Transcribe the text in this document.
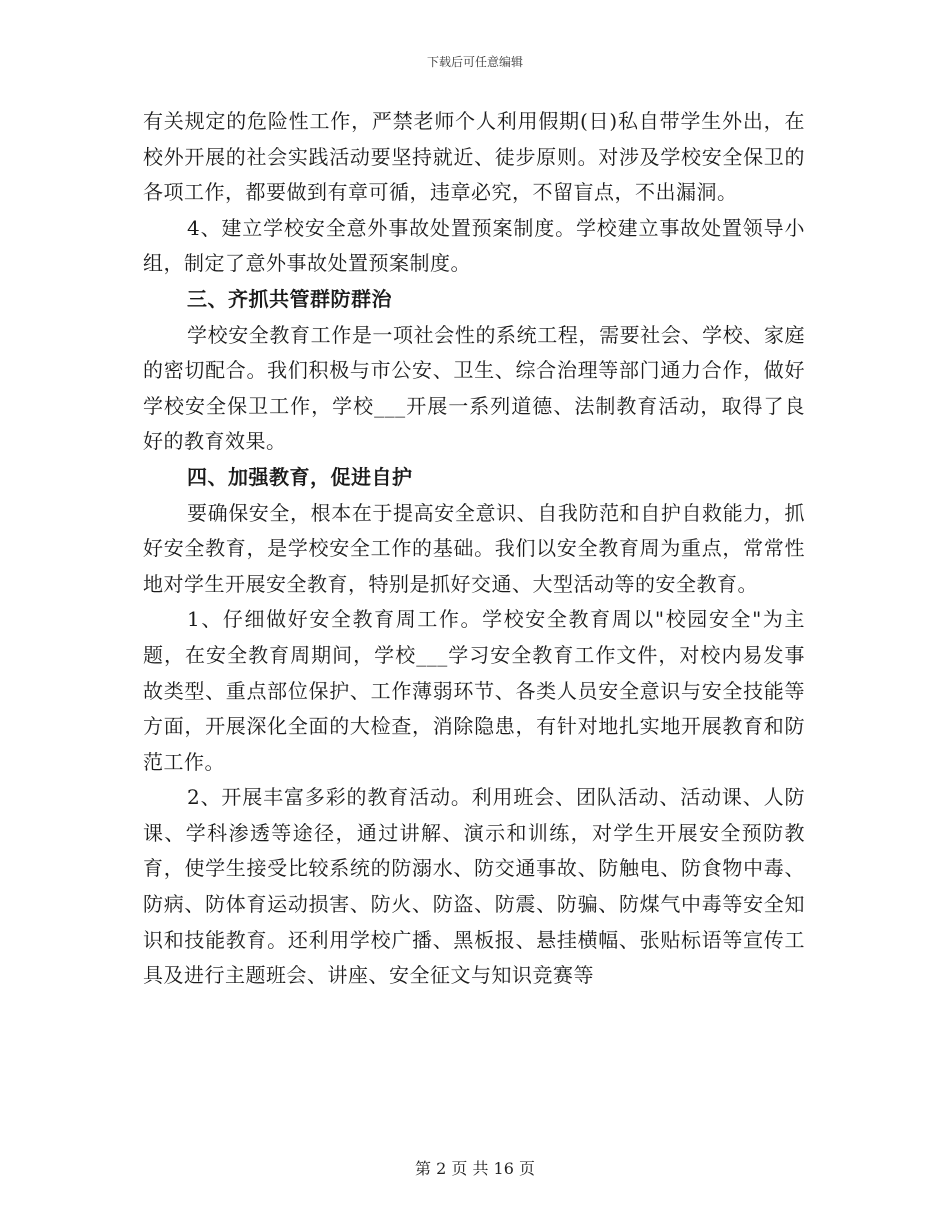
下载后可任意编辑

有关规定的危险性工作，严禁老师个人利用假期(日)私自带学生外出，在校外开展的社会实践活动要坚持就近、徒步原则。对涉及学校安全保卫的各项工作，都要做到有章可循，违章必究，不留盲点，不出漏洞。

4、建立学校安全意外事故处置预案制度。学校建立事故处置领导小组，制定了意外事故处置预案制度。

三、齐抓共管群防群治

学校安全教育工作是一项社会性的系统工程，需要社会、学校、家庭的密切配合。我们积极与市公安、卫生、综合治理等部门通力合作，做好学校安全保卫工作，学校___开展一系列道德、法制教育活动，取得了良好的教育效果。

四、加强教育，促进自护

要确保安全，根本在于提高安全意识、自我防范和自护自救能力，抓好安全教育，是学校安全工作的基础。我们以安全教育周为重点，常常性地对学生开展安全教育，特别是抓好交通、大型活动等的安全教育。

1、仔细做好安全教育周工作。学校安全教育周以"校园安全"为主题，在安全教育周期间，学校___学习安全教育工作文件，对校内易发事故类型、重点部位保护、工作薄弱环节、各类人员安全意识与安全技能等方面，开展深化全面的大检查，消除隐患，有针对地扎实地开展教育和防范工作。

2、开展丰富多彩的教育活动。利用班会、团队活动、活动课、人防课、学科渗透等途径，通过讲解、演示和训练，对学生开展安全预防教育，使学生接受比较系统的防溺水、防交通事故、防触电、防食物中毒、防病、防体育运动损害、防火、防盗、防震、防骗、防煤气中毒等安全知识和技能教育。还利用学校广播、黑板报、悬挂横幅、张贴标语等宣传工具及进行主题班会、讲座、安全征文与知识竞赛等

第 2 页 共 16 页
